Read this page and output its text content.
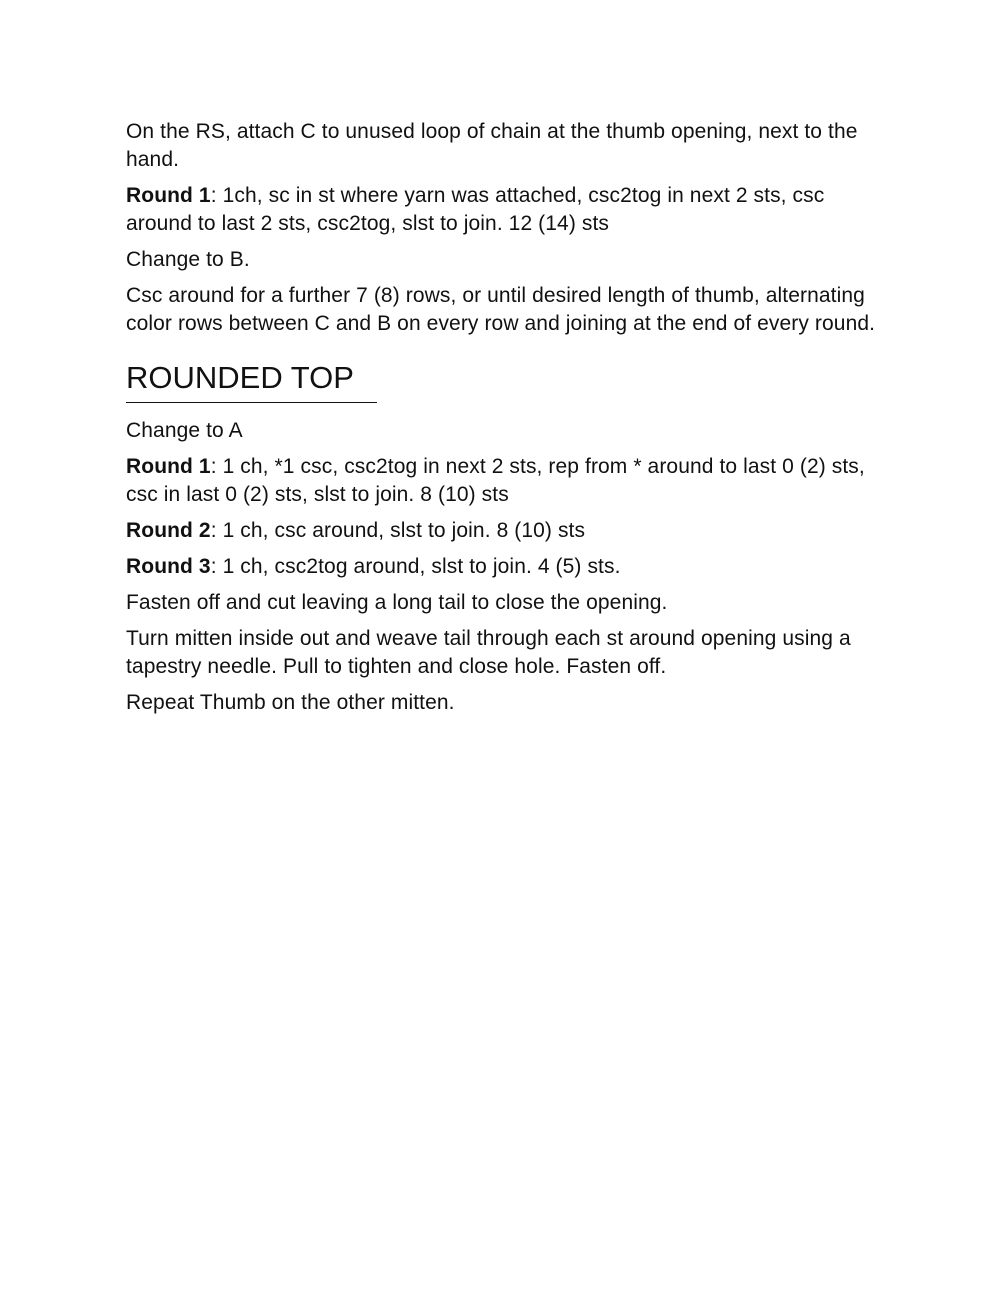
On the RS, attach C to unused loop of chain at the thumb opening, next to the hand.

Round 1: 1ch, sc in st where yarn was attached, csc2tog in next 2 sts, csc around to last 2 sts, csc2tog, slst to join. 12 (14) sts

Change to B.

Csc around for a further 7 (8) rows, or until desired length of thumb, alternating color rows between C and B on every row and joining at the end of every round.

ROUNDED TOP

Change to A

Round 1: 1 ch, *1 csc, csc2tog in next 2 sts, rep from * around to last 0 (2) sts, csc in last 0 (2) sts, slst to join. 8 (10) sts

Round 2: 1 ch, csc around, slst to join. 8 (10) sts

Round 3: 1 ch, csc2tog around, slst to join. 4 (5) sts.

Fasten off and cut leaving a long tail to close the opening.

Turn mitten inside out and weave tail through each st around opening using a tapestry needle. Pull to tighten and close hole. Fasten off.

Repeat Thumb on the other mitten.
